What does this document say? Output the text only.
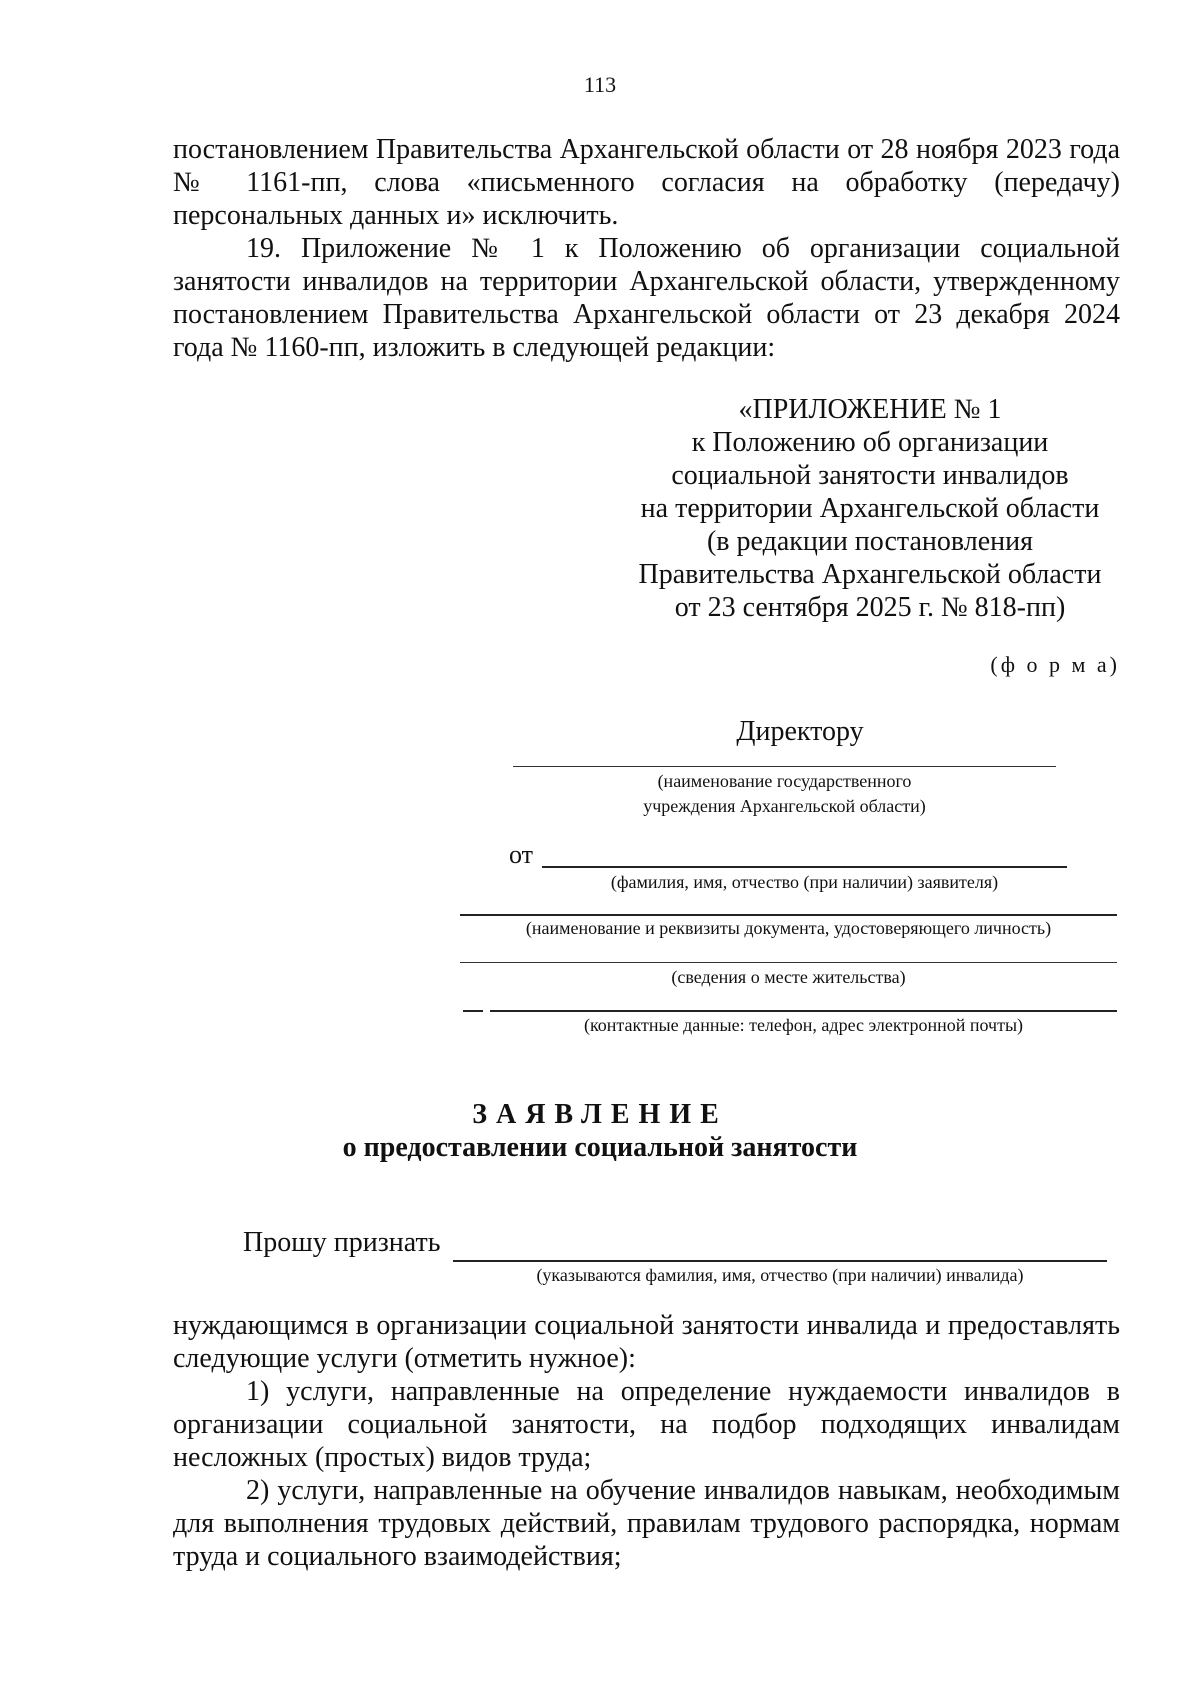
113

постановлением Правительства Архангельской области от 28 ноября 2023 года № 1161-пп, слова «письменного согласия на обработку (передачу) персональных данных и» исключить.

19. Приложение № 1 к Положению об организации социальной занятости инвалидов на территории Архангельской области, утвержденному постановлением Правительства Архангельской области от 23 декабря 2024 года № 1160-пп, изложить в следующей редакции:

«ПРИЛОЖЕНИЕ № 1
к Положению об организации
социальной занятости инвалидов
на территории Архангельской области
(в редакции постановления
Правительства Архангельской области
от 23 сентября 2025 г. № 818-пп)
(ф о р м а)
Директору
(наименование государственного
учреждения Архангельской области)
от
(фамилия, имя, отчество (при наличии) заявителя)
(наименование и реквизиты документа, удостоверяющего личность)
(сведения о месте жительства)
(контактные данные: телефон, адрес электронной почты)
ЗАЯВЛЕНИЕ
о предоставлении социальной занятости
Прошу признать
(указываются фамилия, имя, отчество (при наличии) инвалида)

нуждающимся в организации социальной занятости инвалида и предоставлять следующие услуги (отметить нужное):

1) услуги, направленные на определение нуждаемости инвалидов в организации социальной занятости, на подбор подходящих инвалидам несложных (простых) видов труда;

2) услуги, направленные на обучение инвалидов навыкам, необходимым для выполнения трудовых действий, правилам трудового распорядка, нормам труда и социального взаимодействия;
